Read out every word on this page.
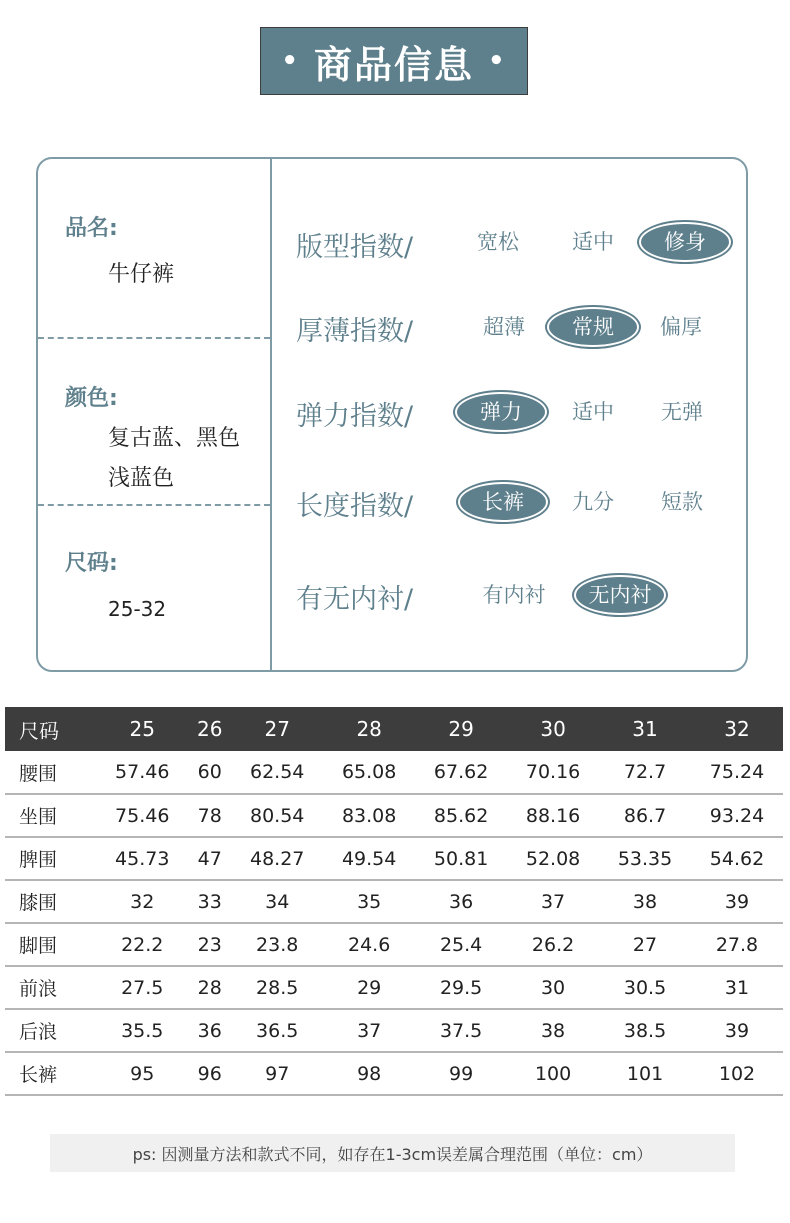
• 商品信息 •
品名:
牛仔裤
颜色:
复古蓝、黑色
浅蓝色
尺码:
25-32
版型指数/	宽松	适中	修身
厚薄指数/	超薄	常规	偏厚
弹力指数/	弹力	适中	无弹
长度指数/	长裤	九分	短款
有无内衬/	有内衬	无内衬
尺码	25	26	27	28	29	30	31	32
腰围	57.46	60	62.54	65.08	67.62	70.16	72.7	75.24
坐围	75.46	78	80.54	83.08	85.62	88.16	86.7	93.24
脾围	45.73	47	48.27	49.54	50.81	52.08	53.35	54.62
膝围	32	33	34	35	36	37	38	39
脚围	22.2	23	23.8	24.6	25.4	26.2	27	27.8
前浪	27.5	28	28.5	29	29.5	30	30.5	31
后浪	35.5	36	36.5	37	37.5	38	38.5	39
长裤	95	96	97	98	99	100	101	102
ps: 因测量方法和款式不同，如存在1-3cm误差属合理范围（单位：cm）
